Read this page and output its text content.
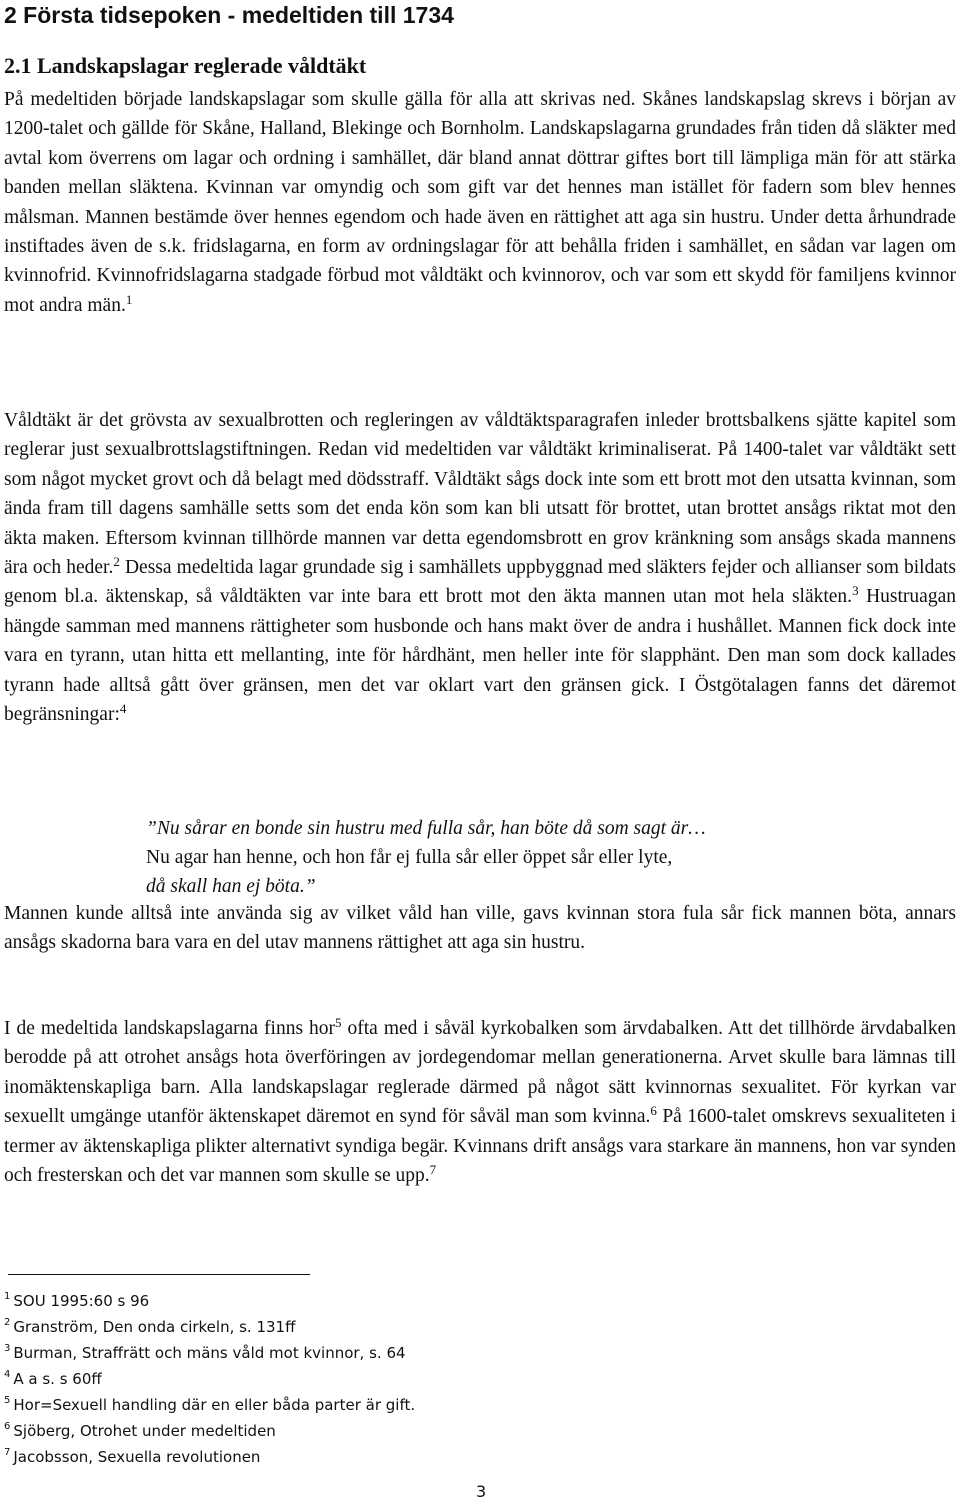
2 Första tidsepoken - medeltiden till 1734
2.1 Landskapslagar reglerade våldtäkt

På medeltiden började landskapslagar som skulle gälla för alla att skrivas ned. Skånes landskapslag skrevs i början av 1200-talet och gällde för Skåne, Halland, Blekinge och Bornholm. Landskapslagarna grundades från tiden då släkter med avtal kom överrens om lagar och ordning i samhället, där bland annat döttrar giftes bort till lämpliga män för att stärka banden mellan släktena. Kvinnan var omyndig och som gift var det hennes man istället för fadern som blev hennes målsman. Mannen bestämde över hennes egendom och hade även en rättighet att aga sin hustru. Under detta århundrade instiftades även de s.k. fridslagarna, en form av ordningslagar för att behålla friden i samhället, en sådan var lagen om kvinnofrid. Kvinnofridslagarna stadgade förbud mot våldtäkt och kvinnorov, och var som ett skydd för familjens kvinnor mot andra män.$^1$

Våldtäkt är det grövsta av sexualbrotten och regleringen av våldtäktsparagrafen inleder brottsbalkens sjätte kapitel som reglerar just sexualbrottslagstiftningen. Redan vid medeltiden var våldtäkt kriminaliserat. På 1400-talet var våldtäkt sett som något mycket grovt och då belagt med dödsstraff. Våldtäkt sågs dock inte som ett brott mot den utsatta kvinnan, som ända fram till dagens samhälle setts som det enda kön som kan bli utsatt för brottet, utan brottet ansågs riktat mot den äkta maken. Eftersom kvinnan tillhörde mannen var detta egendomsbrott en grov kränkning som ansågs skada mannens ära och heder.$^2$ Dessa medeltida lagar grundade sig i samhällets uppbyggnad med släkters fejder och allianser som bildats genom bl.a. äktenskap, så våldtäkten var inte bara ett brott mot den äkta mannen utan mot hela släkten.$^3$ Hustruagan hängde samman med mannens rättigheter som husbonde och hans makt över de andra i hushållet. Mannen fick dock inte vara en tyrann, utan hitta ett mellanting, inte för hårdhänt, men heller inte för slapphänt. Den man som dock kallades tyrann hade alltså gått över gränsen, men det var oklart vart den gränsen gick. I Östgötalagen fanns det däremot begränsningar:$^4$

”Nu sårar en bonde sin hustru med fulla sår, han böte då som sagt är…
Nu agar han henne, och hon får ej fulla sår eller öppet sår eller lyte,
då skall han ej böta.”

Mannen kunde alltså inte använda sig av vilket våld han ville, gavs kvinnan stora fula sår fick mannen böta, annars ansågs skadorna bara vara en del utav mannens rättighet att aga sin hustru.

I de medeltida landskapslagarna finns hor$^5$ ofta med i såväl kyrkobalken som ärvdabalken. Att det tillhörde ärvdabalken berodde på att otrohet ansågs hota överföringen av jordegendomar mellan generationerna. Arvet skulle bara lämnas till inomäktenskapliga barn. Alla landskapslagar reglerade därmed på något sätt kvinnornas sexualitet. För kyrkan var sexuellt umgänge utanför äktenskapet däremot en synd för såväl man som kvinna.$^6$ På 1600-talet omskrevs sexualiteten i termer av äktenskapliga plikter alternativt syndiga begär. Kvinnans drift ansågs vara starkare än mannens, hon var synden och fresterskan och det var mannen som skulle se upp.$^7$

$^1$ SOU 1995:60 s 96

$^2$ Granström, Den onda cirkeln, s. 131ff

$^3$ Burman, Straffrätt och mäns våld mot kvinnor, s. 64

$^4$ A a s. s 60ff

$^5$ Hor=Sexuell handling där en eller båda parter är gift.

$^6$ Sjöberg, Otrohet under medeltiden

$^7$ Jacobsson, Sexuella revolutionen

3
